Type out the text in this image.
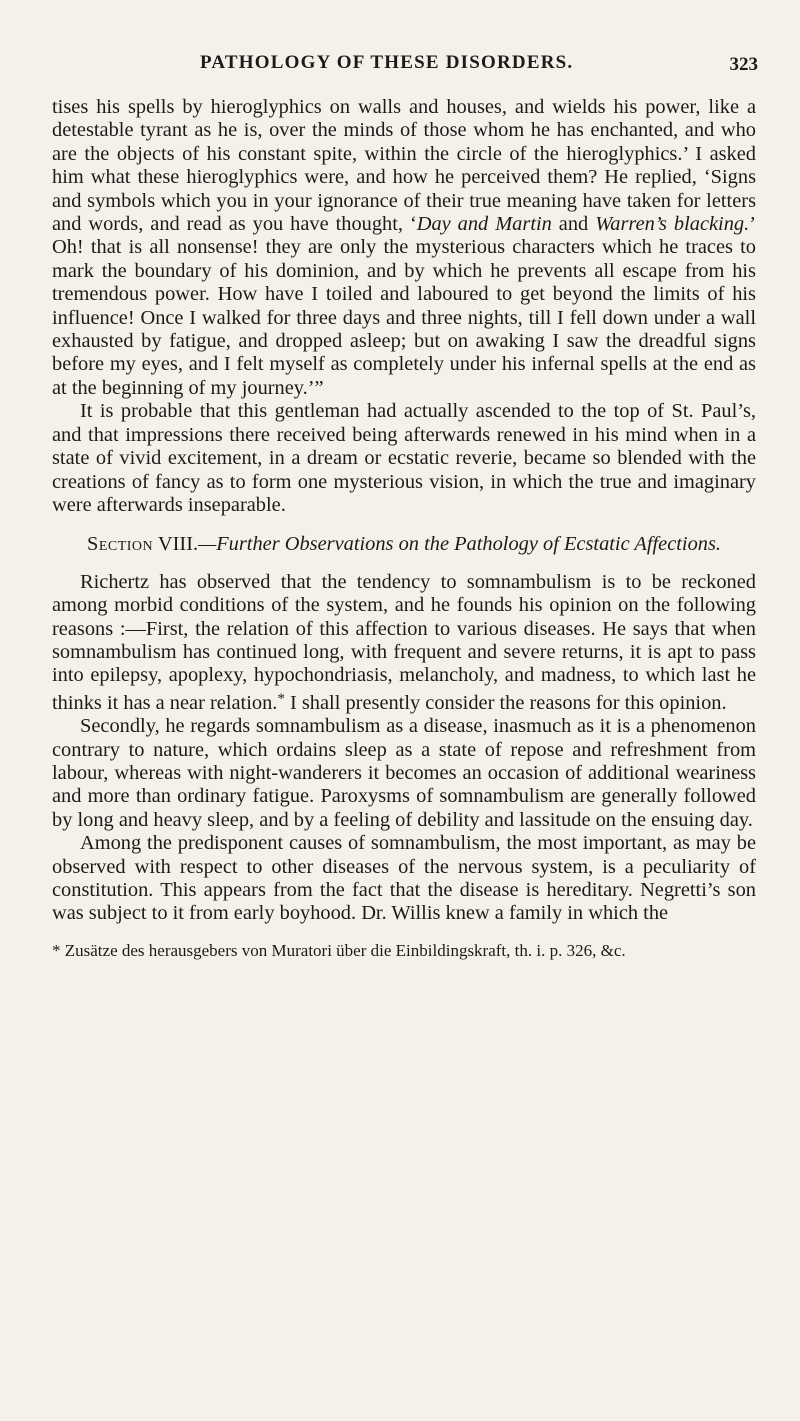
PATHOLOGY OF THESE DISORDERS.	323

tises his spells by hieroglyphics on walls and houses, and wields his power, like a detestable tyrant as he is, over the minds of those whom he has enchanted, and who are the objects of his constant spite, within the circle of the hieroglyphics.’ I asked him what these hieroglyphics were, and how he perceived them? He replied, ‘Signs and symbols which you in your ignorance of their true meaning have taken for letters and words, and read as you have thought, ‘Day and Martin and Warren’s blacking.’ Oh! that is all nonsense! they are only the mysterious characters which he traces to mark the boundary of his dominion, and by which he prevents all escape from his tremendous power. How have I toiled and laboured to get beyond the limits of his influence! Once I walked for three days and three nights, till I fell down under a wall exhausted by fatigue, and dropped asleep; but on awaking I saw the dreadful signs before my eyes, and I felt myself as completely under his infernal spells at the end as at the beginning of my journey.’”

It is probable that this gentleman had actually ascended to the top of St. Paul’s, and that impressions there received being afterwards renewed in his mind when in a state of vivid excitement, in a dream or ecstatic reverie, became so blended with the creations of fancy as to form one mysterious vision, in which the true and imaginary were afterwards inseparable.

Section VIII.—Further Observations on the Pathology of Ecstatic Affections.

Richertz has observed that the tendency to somnambulism is to be reckoned among morbid conditions of the system, and he founds his opinion on the following reasons :—First, the relation of this affection to various diseases. He says that when somnambulism has continued long, with frequent and severe returns, it is apt to pass into epilepsy, apoplexy, hypochondriasis, melancholy, and madness, to which last he thinks it has a near relation.* I shall presently consider the reasons for this opinion.

Secondly, he regards somnambulism as a disease, inasmuch as it is a phenomenon contrary to nature, which ordains sleep as a state of repose and refreshment from labour, whereas with night-wanderers it becomes an occasion of additional weariness and more than ordinary fatigue. Paroxysms of somnambulism are generally followed by long and heavy sleep, and by a feeling of debility and lassitude on the ensuing day.

Among the predisponent causes of somnambulism, the most important, as may be observed with respect to other diseases of the nervous system, is a peculiarity of constitution. This appears from the fact that the disease is hereditary. Negretti’s son was subject to it from early boyhood. Dr. Willis knew a family in which the

* Zusätze des herausgebers von Muratori über die Einbildingskraft, th. i. p. 326, &c.
